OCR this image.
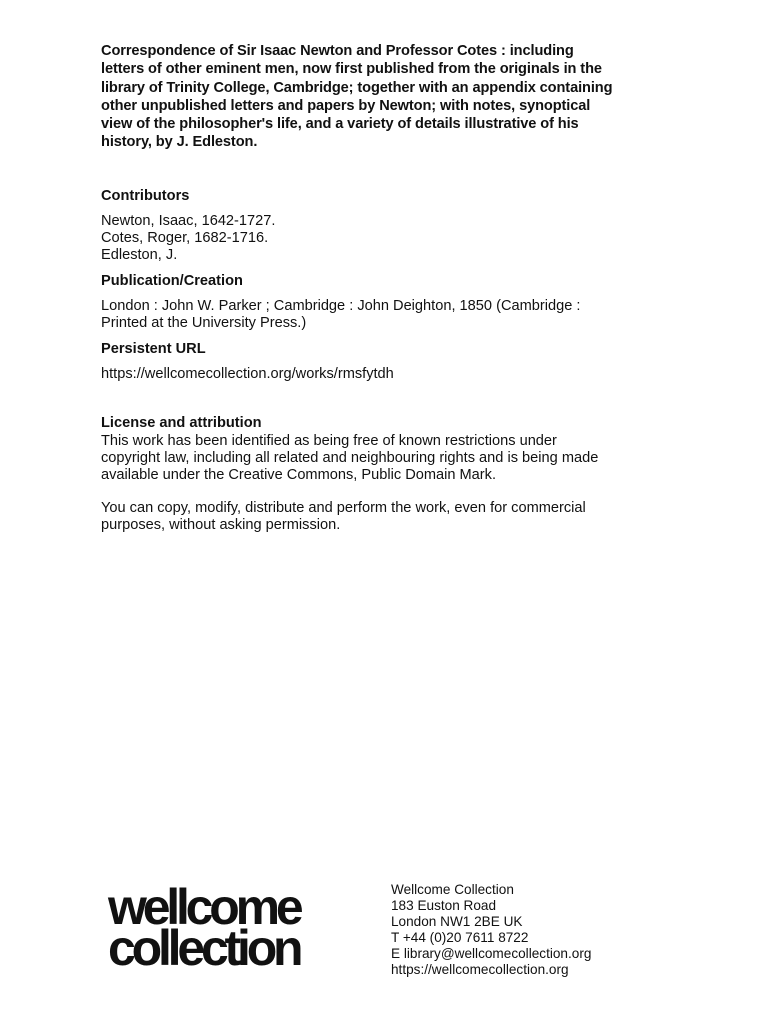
Correspondence of Sir Isaac Newton and Professor Cotes : including
letters of other eminent men, now first published from the originals in the
library of Trinity College, Cambridge; together with an appendix containing
other unpublished letters and papers by Newton; with notes, synoptical
view of the philosopher's life, and a variety of details illustrative of his
history, by J. Edleston.
Contributors
Newton, Isaac, 1642-1727.
Cotes, Roger, 1682-1716.
Edleston, J.
Publication/Creation
London : John W. Parker ; Cambridge : John Deighton, 1850 (Cambridge :
Printed at the University Press.)
Persistent URL
https://wellcomecollection.org/works/rmsfytdh
License and attribution
This work has been identified as being free of known restrictions under
copyright law, including all related and neighbouring rights and is being made
available under the Creative Commons, Public Domain Mark.
You can copy, modify, distribute and perform the work, even for commercial
purposes, without asking permission.
wellcome
collection
Wellcome Collection
183 Euston Road
London NW1 2BE UK
T +44 (0)20 7611 8722
E library@wellcomecollection.org
https://wellcomecollection.org
